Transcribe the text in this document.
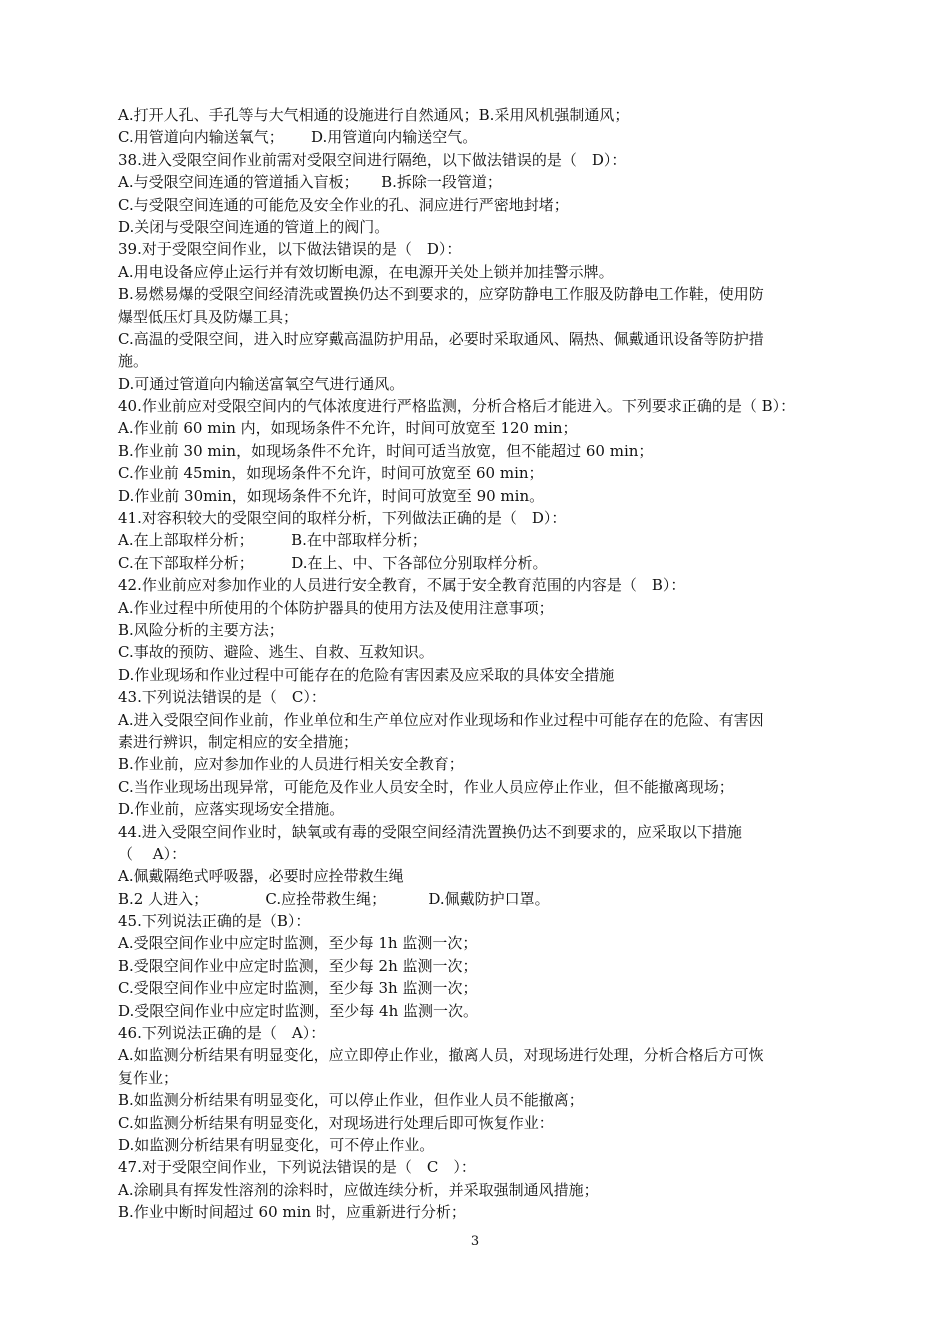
A.打开人孔、手孔等与大气相通的设施进行自然通风；B.采用风机强制通风；
C.用管道向内输送氧气；　　 D.用管道向内输送空气。
38.进入受限空间作业前需对受限空间进行隔绝，以下做法错误的是（　D）：
A.与受限空间连通的管道插入盲板；　　B.拆除一段管道；
C.与受限空间连通的可能危及安全作业的孔、洞应进行严密地封堵；
D.关闭与受限空间连通的管道上的阀门。
39.对于受限空间作业，以下做法错误的是（　D）：
A.用电设备应停止运行并有效切断电源，在电源开关处上锁并加挂警示牌。
B.易燃易爆的受限空间经清洗或置换仍达不到要求的，应穿防静电工作服及防静电工作鞋，使用防
爆型低压灯具及防爆工具；
C.高温的受限空间，进入时应穿戴高温防护用品，必要时采取通风、隔热、佩戴通讯设备等防护措
施。
D.可通过管道向内输送富氧空气进行通风。
40.作业前应对受限空间内的气体浓度进行严格监测，分析合格后才能进入。下列要求正确的是（ B）：
A.作业前 60 min 内，如现场条件不允许，时间可放宽至 120 min；
B.作业前 30 min，如现场条件不允许，时间可适当放宽，但不能超过 60 min；
C.作业前 45min，如现场条件不允许，时间可放宽至 60 min；
D.作业前 30min，如现场条件不允许，时间可放宽至 90 min。
41.对容积较大的受限空间的取样分析，下列做法正确的是（　D）：
A.在上部取样分析；　　　B.在中部取样分析；
C.在下部取样分析；　　　D.在上、中、下各部位分别取样分析。
42.作业前应对参加作业的人员进行安全教育，不属于安全教育范围的内容是（　B）：
A.作业过程中所使用的个体防护器具的使用方法及使用注意事项；
B.风险分析的主要方法；
C.事故的预防、避险、逃生、自救、互救知识。
D.作业现场和作业过程中可能存在的危险有害因素及应采取的具体安全措施
43.下列说法错误的是（　C）：
A.进入受限空间作业前，作业单位和生产单位应对作业现场和作业过程中可能存在的危险、有害因
素进行辨识，制定相应的安全措施；
B.作业前，应对参加作业的人员进行相关安全教育；
C.当作业现场出现异常，可能危及作业人员安全时，作业人员应停止作业，但不能撤离现场；
D.作业前，应落实现场安全措施。
44.进入受限空间作业时，缺氧或有毒的受限空间经清洗置换仍达不到要求的，应采取以下措施
（　 A）：
A.佩戴隔绝式呼吸器，必要时应拴带救生绳
B.2 人进入；　　　　 C.应拴带救生绳；　　　 D.佩戴防护口罩。
45.下列说法正确的是（B）：
A.受限空间作业中应定时监测，至少每 1h 监测一次；
B.受限空间作业中应定时监测，至少每 2h 监测一次；
C.受限空间作业中应定时监测，至少每 3h 监测一次；
D.受限空间作业中应定时监测，至少每 4h 监测一次。
46.下列说法正确的是（　A）：
A.如监测分析结果有明显变化，应立即停止作业，撤离人员，对现场进行处理，分析合格后方可恢
复作业；
B.如监测分析结果有明显变化，可以停止作业，但作业人员不能撤离；
C.如监测分析结果有明显变化，对现场进行处理后即可恢复作业：
D.如监测分析结果有明显变化，可不停止作业。
47.对于受限空间作业，下列说法错误的是（　C　）：
A.涂刷具有挥发性溶剂的涂料时，应做连续分析，并采取强制通风措施；
B.作业中断时间超过 60 min 时，应重新进行分析；
3
